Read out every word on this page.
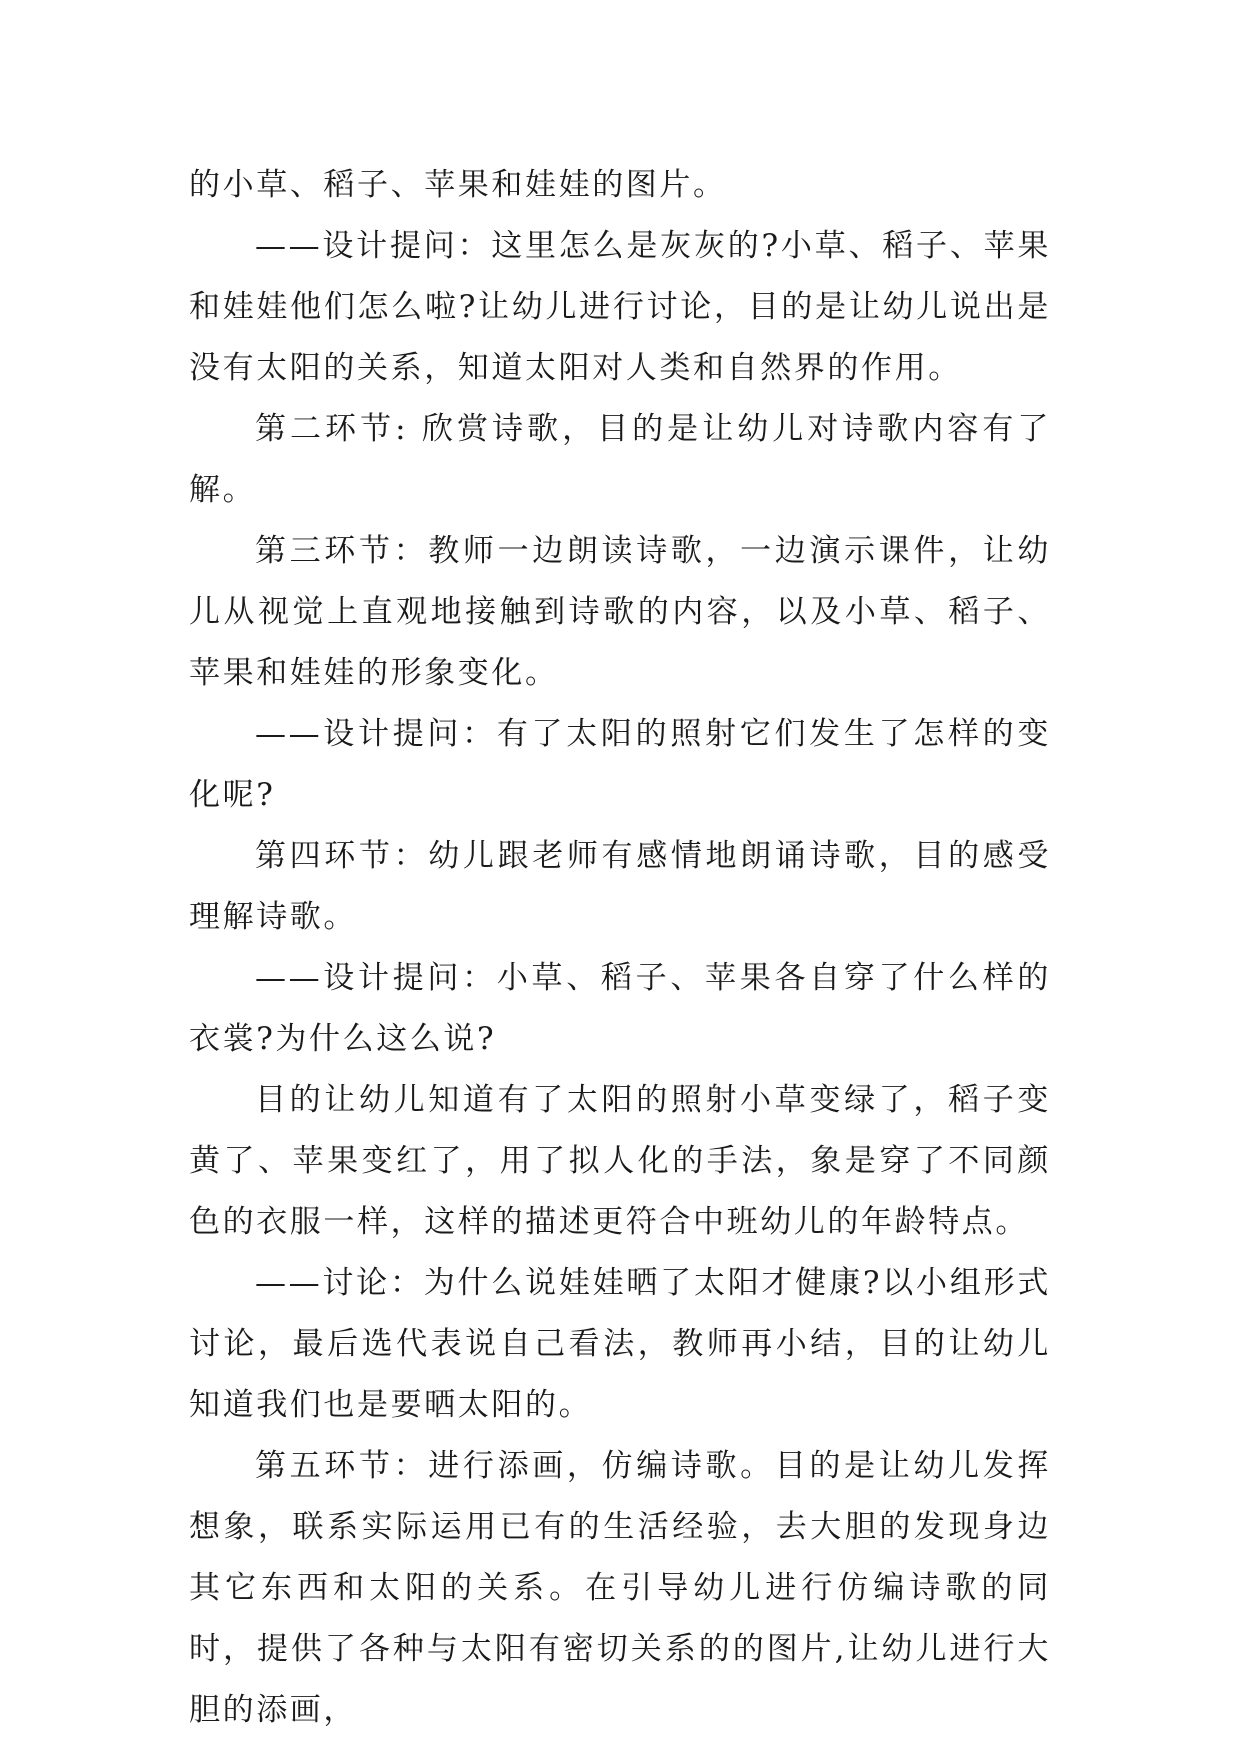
的小草、稻子、苹果和娃娃的图片。

——设计提问：这里怎么是灰灰的?小草、稻子、苹果和娃娃他们怎么啦?让幼儿进行讨论，目的是让幼儿说出是没有太阳的关系，知道太阳对人类和自然界的作用。

第二环节: 欣赏诗歌，目的是让幼儿对诗歌内容有了解。

第三环节：教师一边朗读诗歌，一边演示课件，让幼儿从视觉上直观地接触到诗歌的内容，以及小草、稻子、苹果和娃娃的形象变化。

——设计提问：有了太阳的照射它们发生了怎样的变化呢?

第四环节：幼儿跟老师有感情地朗诵诗歌，目的感受理解诗歌。

——设计提问：小草、稻子、苹果各自穿了什么样的衣裳?为什么这么说?

目的让幼儿知道有了太阳的照射小草变绿了，稻子变黄了、苹果变红了，用了拟人化的手法，象是穿了不同颜色的衣服一样，这样的描述更符合中班幼儿的年龄特点。

——讨论：为什么说娃娃晒了太阳才健康?以小组形式讨论，最后选代表说自己看法，教师再小结，目的让幼儿知道我们也是要晒太阳的。

第五环节：进行添画，仿编诗歌。目的是让幼儿发挥想象，联系实际运用已有的生活经验，去大胆的发现身边其它东西和太阳的关系。在引导幼儿进行仿编诗歌的同时，提供了各种与太阳有密切关系的的图片,让幼儿进行大胆的添画，
